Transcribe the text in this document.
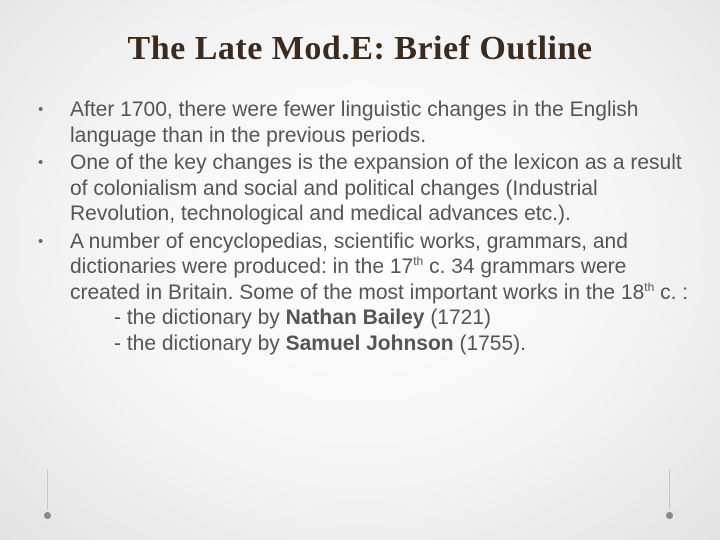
The Late Mod.E: Brief Outline
• After 1700, there were fewer linguistic changes in the English language than in the previous periods.
• One of the key changes is the expansion of the lexicon as a result of colonialism and social and political changes (Industrial Revolution, technological and medical advances etc.).
• A number of encyclopedias, scientific works, grammars, and dictionaries were produced: in the 17th c. 34 grammars were created in Britain. Some of the most important works in the 18th c. :
- the dictionary by Nathan Bailey (1721)
- the dictionary by Samuel Johnson (1755).
